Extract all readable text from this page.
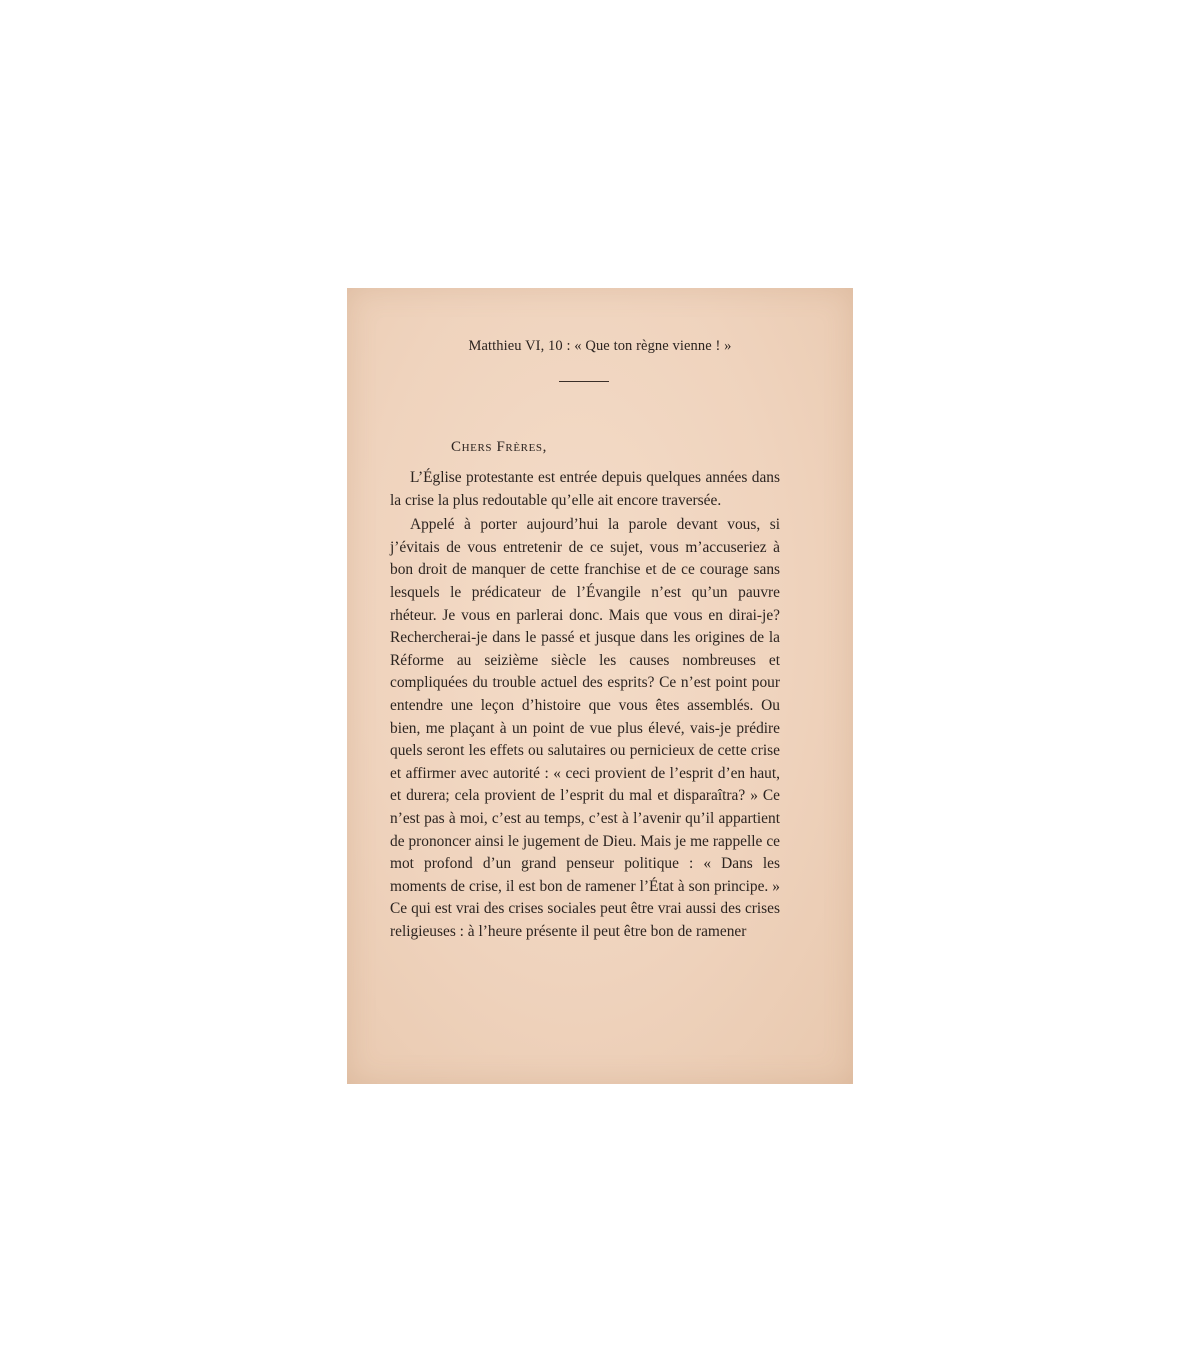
Matthieu VI, 10 : « Que ton règne vienne ! »
Chers Frères,

L’Église protestante est entrée depuis quelques années dans la crise la plus redoutable qu’elle ait encore traversée.

Appelé à porter aujourd’hui la parole devant vous, si j’évitais de vous entretenir de ce sujet, vous m’accuseriez à bon droit de manquer de cette franchise et de ce courage sans lesquels le prédicateur de l’Évangile n’est qu’un pauvre rhéteur. Je vous en parlerai donc. Mais que vous en dirai-je? Rechercherai-je dans le passé et jusque dans les origines de la Réforme au seizième siècle les causes nombreuses et compliquées du trouble actuel des esprits? Ce n’est point pour entendre une leçon d’histoire que vous êtes assemblés. Ou bien, me plaçant à un point de vue plus élevé, vais-je prédire quels seront les effets ou salutaires ou pernicieux de cette crise et affirmer avec autorité : « ceci provient de l’esprit d’en haut, et durera; cela provient de l’esprit du mal et disparaîtra? » Ce n’est pas à moi, c’est au temps, c’est à l’avenir qu’il appartient de prononcer ainsi le jugement de Dieu. Mais je me rappelle ce mot profond d’un grand penseur politique : « Dans les moments de crise, il est bon de ramener l’État à son principe. » Ce qui est vrai des crises sociales peut être vrai aussi des crises religieuses : à l’heure présente il peut être bon de ramener
